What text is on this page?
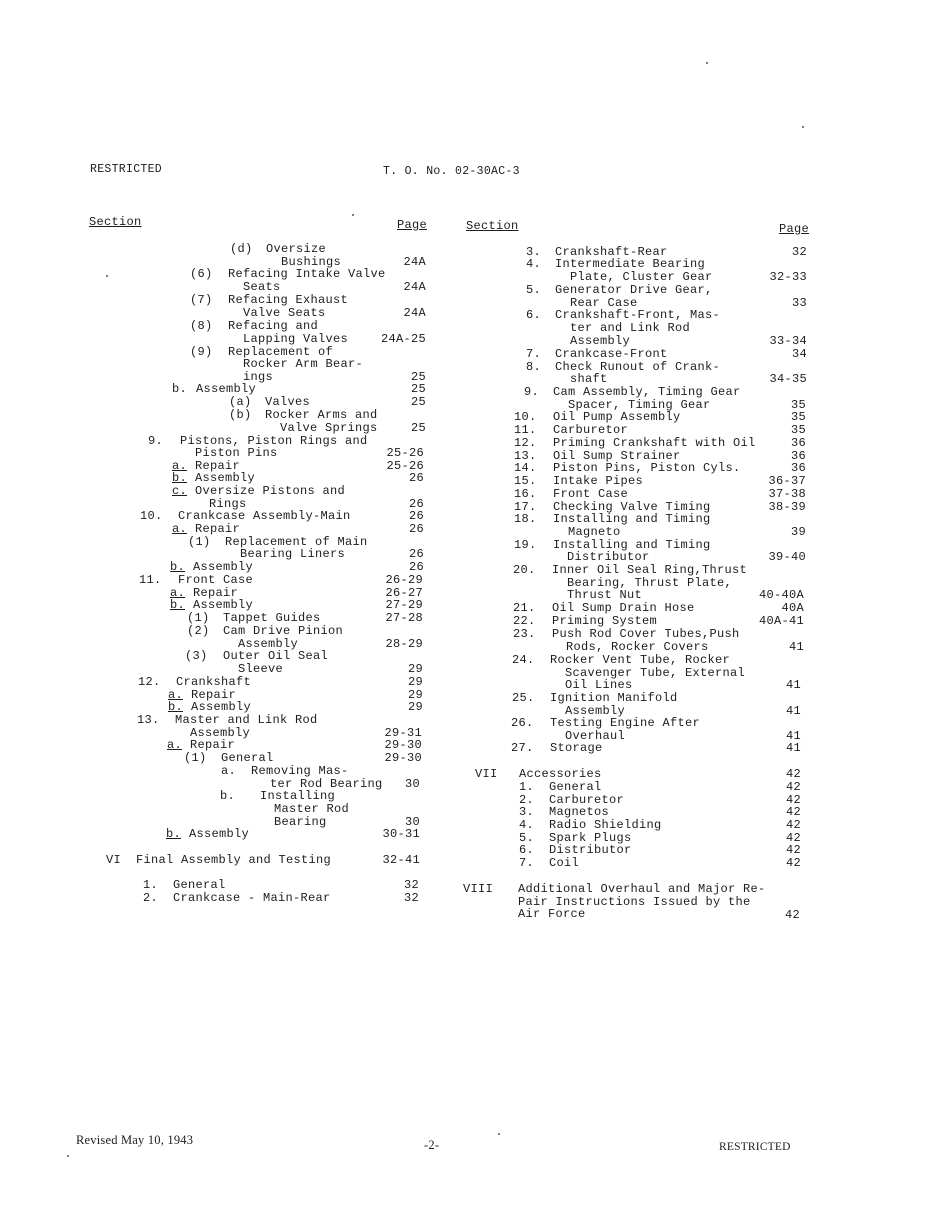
RESTRICTED	T. O. No. 02-30AC-3
Section	Page	Section	Page
(d) Oversize
Bushings	24A
(6) Refacing Intake Valve
Seats	24A
(7) Refacing Exhaust
Valve Seats	24A
(8) Refacing and
Lapping Valves	24A-25
(9) Replacement of
Rocker Arm Bear-
ings	25
b. Assembly	25
(a) Valves	25
(b) Rocker Arms and
Valve Springs	25
9. Pistons, Piston Rings and
Piston Pins	25-26
a. Repair	25-26
b. Assembly	26
c. Oversize Pistons and
Rings	26
10. Crankcase Assembly-Main	26
a. Repair	26
(1) Replacement of Main
Bearing Liners	26
b. Assembly	26
11. Front Case	26-29
a. Repair	26-27
b. Assembly	27-29
(1) Tappet Guides	27-28
(2) Cam Drive Pinion
Assembly	28-29
(3) Outer Oil Seal
Sleeve	29
12. Crankshaft	29
a. Repair	29
b. Assembly	29
13. Master and Link Rod
Assembly	29-31
a. Repair	29-30
(1) General	29-30
a. Removing Mas-
ter Rod Bearing	30
b. Installing
Master Rod
Bearing	30
b. Assembly	30-31
VI Final Assembly and Testing	32-41
1. General	32
2. Crankcase - Main-Rear	32
3. Crankshaft-Rear	32
4. Intermediate Bearing
Plate, Cluster Gear	32-33
5. Generator Drive Gear,
Rear Case	33
6. Crankshaft-Front, Mas-
ter and Link Rod
Assembly	33-34
7. Crankcase-Front	34
8. Check Runout of Crank-
shaft	34-35
9. Cam Assembly, Timing Gear
Spacer, Timing Gear	35
10. Oil Pump Assembly	35
11. Carburetor	35
12. Priming Crankshaft with Oil	36
13. Oil Sump Strainer	36
14. Piston Pins, Piston Cyls.	36
15. Intake Pipes	36-37
16. Front Case	37-38
17. Checking Valve Timing	38-39
18. Installing and Timing
Magneto	39
19. Installing and Timing
Distributor	39-40
20. Inner Oil Seal Ring,Thrust
Bearing, Thrust Plate,
Thrust Nut	40-40A
21. Oil Sump Drain Hose	40A
22. Priming System	40A-41
23. Push Rod Cover Tubes,Push
Rods, Rocker Covers	41
24. Rocker Vent Tube, Rocker
Scavenger Tube, External
Oil Lines	41
25. Ignition Manifold
Assembly	41
26. Testing Engine After
Overhaul	41
27. Storage	41
VII Accessories	42
1. General	42
2. Carburetor	42
3. Magnetos	42
4. Radio Shielding	42
5. Spark Plugs	42
6. Distributor	42
7. Coil	42
VIII Additional Overhaul and Major Re-
Pair Instructions Issued by the
Air Force	42
Revised May 10, 1943	-2-	RESTRICTED
